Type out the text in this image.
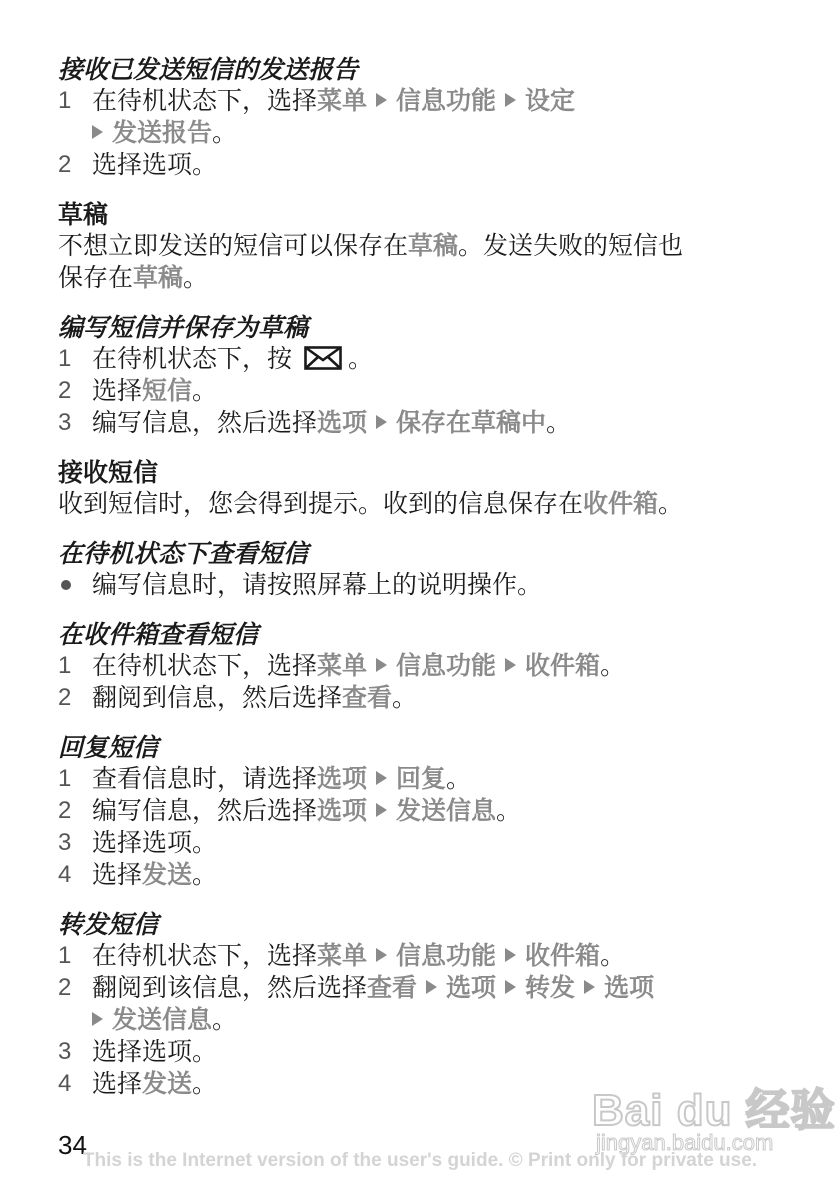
接收已发送短信的发送报告
1 在待机状态下，选择菜单 信息功能 设定
发送报告。
2 选择选项。
草稿
不想立即发送的短信可以保存在草稿。发送失败的短信也
保存在草稿。
编写短信并保存为草稿
1 在待机状态下，按 。
2 选择短信。
3 编写信息，然后选择选项 保存在草稿中。
接收短信
收到短信时，您会得到提示。收到的信息保存在收件箱。
在待机状态下查看短信
编写信息时，请按照屏幕上的说明操作。
在收件箱查看短信
1 在待机状态下，选择菜单 信息功能 收件箱。
2 翻阅到信息，然后选择查看。
回复短信
1 查看信息时，请选择选项 回复。
2 编写信息，然后选择选项 发送信息。
3 选择选项。
4 选择发送。
转发短信
1 在待机状态下，选择菜单 信息功能 收件箱。
2 翻阅到该信息，然后选择查看 选项 转发 选项
发送信息。
3 选择选项。
4 选择发送。
Bai du 经验
jingyan.baidu.com
34
This is the Internet version of the user's guide. © Print only for private use.
